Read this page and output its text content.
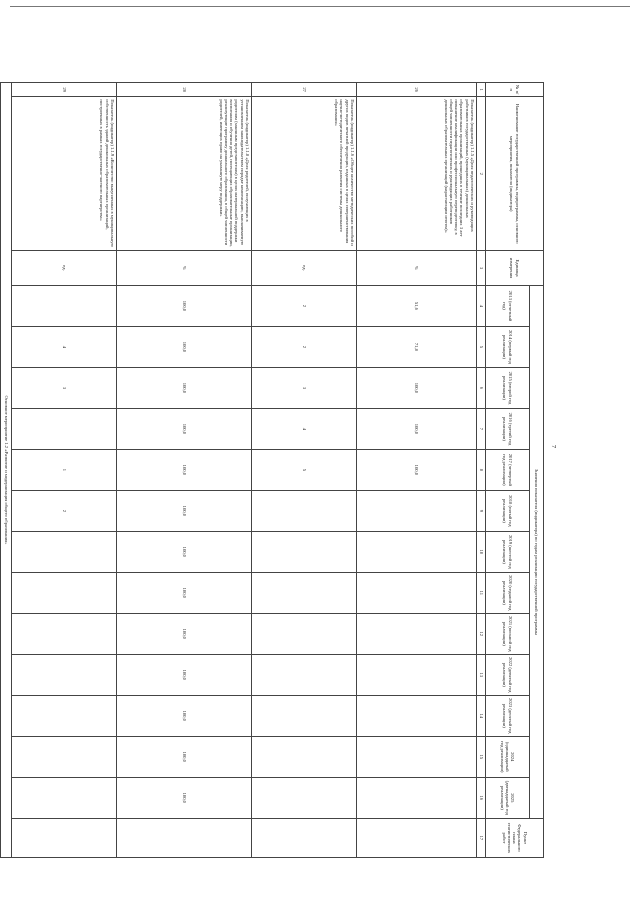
7
№ п/п	Наименование государственной программы, подпрограммы, основного мероприятия, показателя (индикатора)	Единица измерения	Значения показателя (индикатора) по годам реализации государственной программы													Пункт Федерального плана статистических работ
			2013 (отчетный год)	2014 (первый год реализации)	2015 (второй год реализации)	2016 (третий год реализации)	2017 (четвертый год реализации)	2018 (пятый год реализации)	2019 (шестой год реализации)	2020 (седьмой год реализации)	2021 (восьмой год реализации)	2022 (девятый год реализации)	2023 (десятый год реализации)	2024 (одиннадцатый год реализации)	2025 (двенадцатый год реализации)	
1	2	3	4	5	6	7	8	9	10	11	12	13	14	15	16	17
26	Показатель (индикатор) 1.1.5 «Доля педагогических и руководящих работников государственных (муниципальных) дошкольных образовательных организаций, прошедших в течение последних 3 лет повышение квалификации или профессиональную переподготовку, в общей численности педагогических и руководящих работников дошкольных образовательных организаций (нарастающим итогом)»	%	51,6	71,8	100,0	100,0	100,0									
27	Показатель (индикатор) 1.1.6 «Общее количество методических пособий и других видов печатной продукции, изданных в целях совершенствования научно-методического обеспечения развития системы дошкольного образования»	ед.	2	2	3	4	5									
28	Показатель (индикатор) 1.1.8 «Доля родителей, получающих в установленном законодательством порядке компенсацию, выплачиваемую родителям (законным представителям) в целях материальной поддержки воспитания и обучения детей, посещающих образовательные организации, реализующие программу дошкольного образования, в общей численности родителей, имеющих право на указанную меру поддержки»	%	100,0	100,0	100,0	100,0	100,0	100,0	100,0	100,0	100,0	100,0	100,0	100,0	100,0	
29	Показатель (индикатор) 1.1.9 «Количество выкупленных в муниципальную собственность зданий дошкольных образовательных организаций, построенных в рамках государственно-частного партнерства»	ед.		4	3		1	2								
Основное мероприятие 1.2 «Развитие и модернизация общего образования»																
